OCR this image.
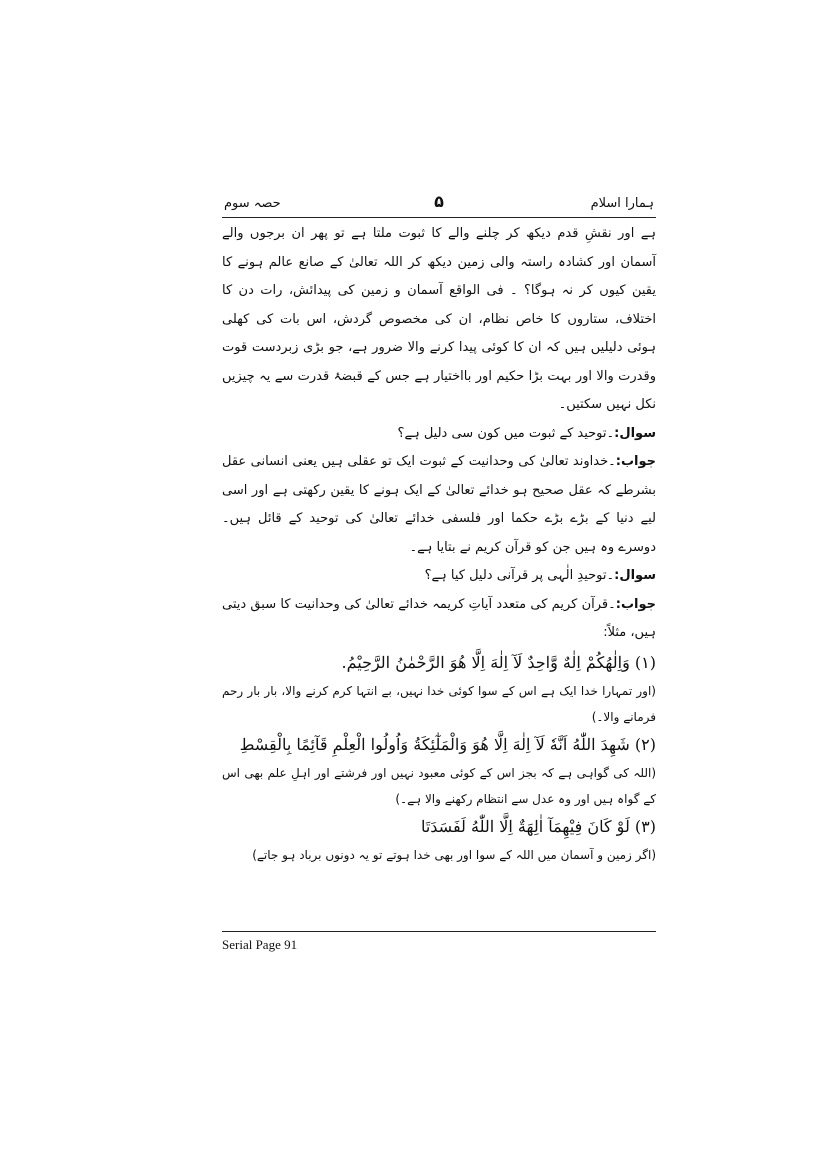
ہمارا اسلام
۵
حصہ سوم

ہے اور نقشِ قدم دیکھ کر چلنے والے کا ثبوت ملتا ہے تو پھر ان برجوں والے آسمان اور کشادہ راستہ والی زمین دیکھ کر اللہ تعالیٰ کے صانع عالم ہونے کا یقین کیوں کر نہ ہوگا؟ ۔ فی الواقع آسمان و زمین کی پیدائش، رات دن کا اختلاف، ستاروں کا خاص نظام، ان کی مخصوص گردش، اس بات کی کھلی ہوئی دلیلیں ہیں کہ ان کا کوئی پیدا کرنے والا ضرور ہے، جو بڑی زبردست قوت وقدرت والا اور بہت بڑا حکیم اور بااختیار ہے جس کے قبضۂ قدرت سے یہ چیزیں نکل نہیں سکتیں۔

سوال:۔توحید کے ثبوت میں کون سی دلیل ہے؟

جواب:۔خداوند تعالیٰ کی وحدانیت کے ثبوت ایک تو عقلی ہیں یعنی انسانی عقل بشرطے کہ عقل صحیح ہو خدائے تعالیٰ کے ایک ہونے کا یقین رکھتی ہے اور اسی لیے دنیا کے بڑے بڑے حکما اور فلسفی خدائے تعالیٰ کی توحید کے قائل ہیں۔ دوسرے وہ ہیں جن کو قرآن کریم نے بتایا ہے۔

سوال:۔توحیدِ الٰہی پر قرآنی دلیل کیا ہے؟

جواب:۔قرآن کریم کی متعدد آیاتِ کریمہ خدائے تعالیٰ کی وحدانیت کا سبق دیتی ہیں، مثلاً:

(۱) وَاِلٰهُكُمْ اِلٰهٌ وَّاحِدٌ لَآ اِلٰهَ اِلَّا هُوَ الرَّحْمٰنُ الرَّحِيْمُ.

(اور تمہارا خدا ایک ہے اس کے سوا کوئی خدا نہیں، بے انتہا کرم کرنے والا، بار بار رحم فرمانے والا۔)

(۲) شَهِدَ اللّٰهُ اَنَّهٗ لَآ اِلٰهَ اِلَّا هُوَ وَالْمَلٰٓئِكَةُ وَاُولُوا الْعِلْمِ قَآئِمًا بِالْقِسْطِ

(اللہ کی گواہی ہے کہ بجز اس کے کوئی معبود نہیں اور فرشتے اور اہلِ علم بھی اس کے گواہ ہیں اور وہ عدل سے انتظام رکھنے والا ہے۔)

(۳) لَوْ كَانَ فِيْهِمَآ اٰلِهَةٌ اِلَّا اللّٰهُ لَفَسَدَتَا

(اگر زمین و آسمان میں اللہ کے سوا اور بھی خدا ہوتے تو یہ دونوں برباد ہو جاتے)

Serial Page 91
